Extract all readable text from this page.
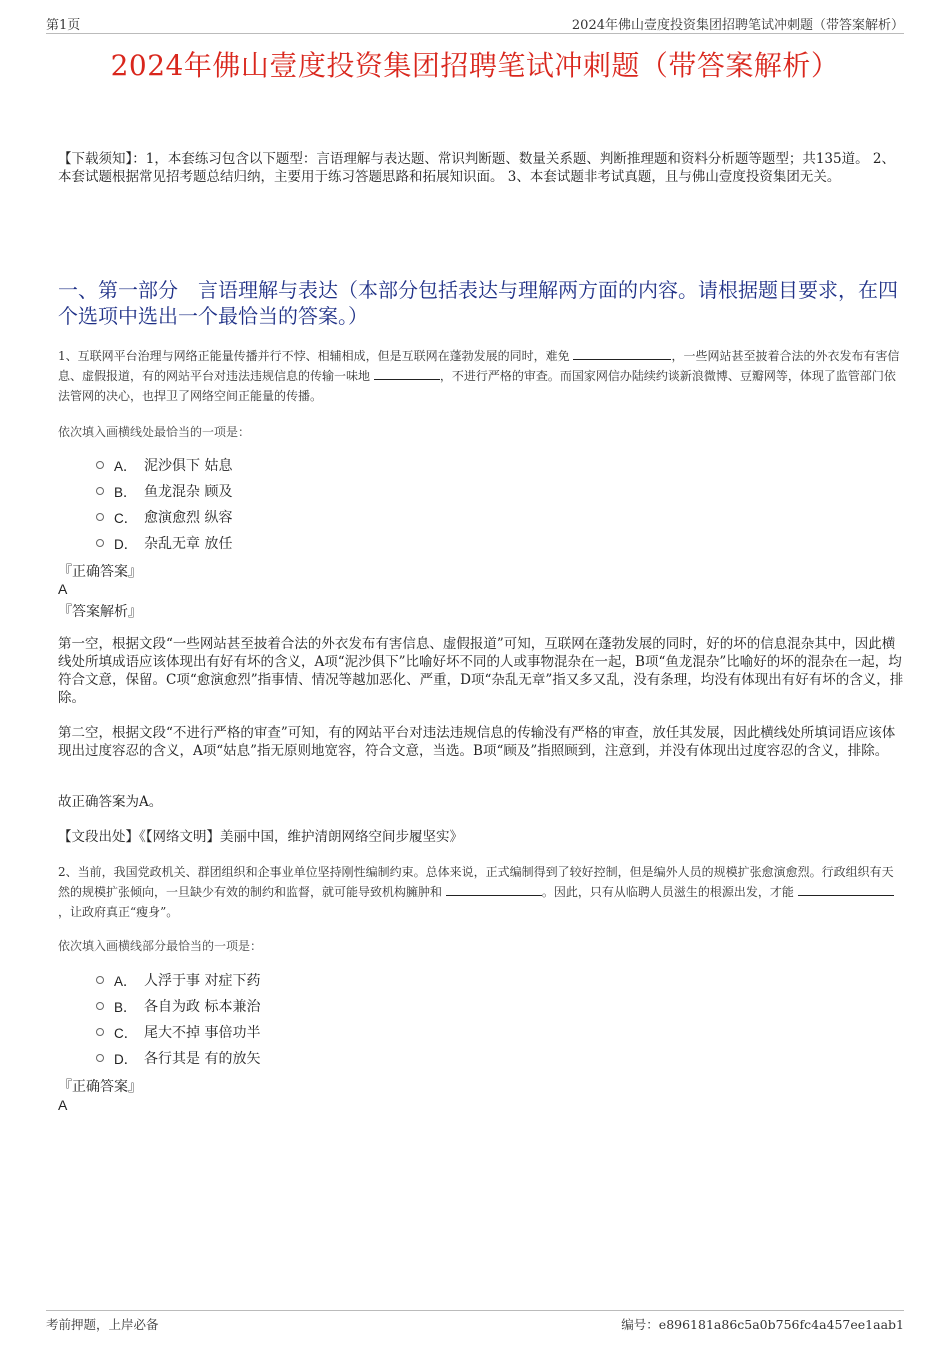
第1页	2024年佛山壹度投资集团招聘笔试冲刺题（带答案解析）
2024年佛山壹度投资集团招聘笔试冲刺题（带答案解析）
【下载须知】：1，本套练习包含以下题型：言语理解与表达题、常识判断题、数量关系题、判断推理题和资料分析题等题型；共135道。 2、本套试题根据常见招考题总结归纳，主要用于练习答题思路和拓展知识面。 3、本套试题非考试真题，且与佛山壹度投资集团无关。
一、第一部分　言语理解与表达（本部分包括表达与理解两方面的内容。请根据题目要求，在四个选项中选出一个最恰当的答案。）
1、互联网平台治理与网络正能量传播并行不悖、相辅相成，但是互联网在蓬勃发展的同时，难免	，一些网站甚至披着合法的外衣发布有害信息、虚假报道，有的网站平台对违法违规信息的传输一味地	，不进行严格的审查。而国家网信办陆续约谈新浪微博、豆瓣网等，体现了监管部门依法管网的决心，也捍卫了网络空间正能量的传播。
依次填入画横线处最恰当的一项是：
A． 泥沙俱下 姑息
B． 鱼龙混杂 顾及
C． 愈演愈烈 纵容
D． 杂乱无章 放任
『正确答案』
A
『答案解析』
第一空，根据文段“一些网站甚至披着合法的外衣发布有害信息、虚假报道”可知，互联网在蓬勃发展的同时，好的坏的信息混杂其中，因此横线处所填成语应该体现出有好有坏的含义，A项“泥沙俱下”比喻好坏不同的人或事物混杂在一起，B项“鱼龙混杂”比喻好的坏的混杂在一起，均符合文意，保留。C项“愈演愈烈”指事情、情况等越加恶化、严重，D项“杂乱无章”指又多又乱，没有条理，均没有体现出有好有坏的含义，排除。
第二空，根据文段“不进行严格的审查”可知，有的网站平台对违法违规信息的传输没有严格的审查，放任其发展，因此横线处所填词语应该体现出过度容忍的含义，A项“姑息”指无原则地宽容，符合文意，当选。B项“顾及”指照顾到，注意到，并没有体现出过度容忍的含义，排除。
故正确答案为A。
【文段出处】《【网络文明】美丽中国，维护清朗网络空间步履坚实》
2、当前，我国党政机关、群团组织和企事业单位坚持刚性编制约束。总体来说，正式编制得到了较好控制，但是编外人员的规模扩张愈演愈烈。行政组织有天然的规模扩张倾向，一旦缺少有效的制约和监督，就可能导致机构臃肿和	。因此，只有从临聘人员滋生的根源出发，才能 ，让政府真正“瘦身”。
依次填入画横线部分最恰当的一项是：
A． 人浮于事 对症下药
B． 各自为政 标本兼治
C． 尾大不掉 事倍功半
D． 各行其是 有的放矢
『正确答案』
A
考前押题，上岸必备	编号：e896181a86c5a0b756fc4a457ee1aab1
